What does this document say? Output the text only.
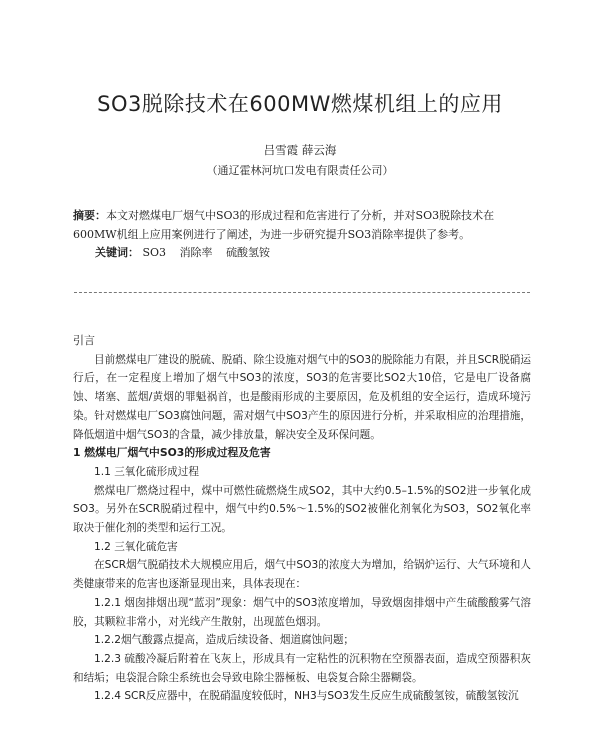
SO3脱除技术在600MW燃煤机组上的应用
吕雪霞 薛云海
（通辽霍林河坑口发电有限责任公司）
摘要：本文对燃煤电厂烟气中SO3的形成过程和危害进行了分析，并对SO3脱除技术在600MW机组上应用案例进行了阐述，为进一步研究提升SO3消除率提供了参考。
关键词： SO3 消除率 硫酸氢铵

引言

目前燃煤电厂建设的脱硫、脱硝、除尘设施对烟气中的SO3的脱除能力有限，并且SCR脱硝运行后，在一定程度上增加了烟气中SO3的浓度，SO3的危害要比SO2大10倍，它是电厂设备腐蚀、堵塞、蓝烟/黄烟的罪魁祸首，也是酸雨形成的主要原因，危及机组的安全运行，造成环境污染。针对燃煤电厂SO3腐蚀问题，需对烟气中SO3产生的原因进行分析，并采取相应的治理措施，降低烟道中烟气SO3的含量，减少排放量，解决安全及环保问题。

1 燃煤电厂烟气中SO3的形成过程及危害

1.1 三氧化硫形成过程

燃煤电厂燃烧过程中，煤中可燃性硫燃烧生成SO2，其中大约0.5–1.5%的SO2进一步氧化成SO3。另外在SCR脱硝过程中，烟气中约0.5%～1.5%的SO2被催化剂氧化为SO3，SO2氧化率取决于催化剂的类型和运行工况。

1.2 三氧化硫危害

在SCR烟气脱硝技术大规模应用后，烟气中SO3的浓度大为增加，给锅炉运行、大气环境和人类健康带来的危害也逐渐显现出来，具体表现在：

1.2.1 烟囱排烟出现“蓝羽”现象：烟气中的SO3浓度增加，导致烟囱排烟中产生硫酸酸雾气溶胶，其颗粒非常小，对光线产生散射，出现蓝色烟羽。

1.2.2烟气酸露点提高，造成后续设备、烟道腐蚀问题；

1.2.3 硫酸冷凝后附着在飞灰上，形成具有一定粘性的沉积物在空预器表面，造成空预器积灰和结垢；电袋混合除尘系统也会导致电除尘器極板、电袋复合除尘器糊袋。

1.2.4 SCR反应器中，在脱硝温度较低时，NH3与SO3发生反应生成硫酸氢铵，硫酸氢铵沉
